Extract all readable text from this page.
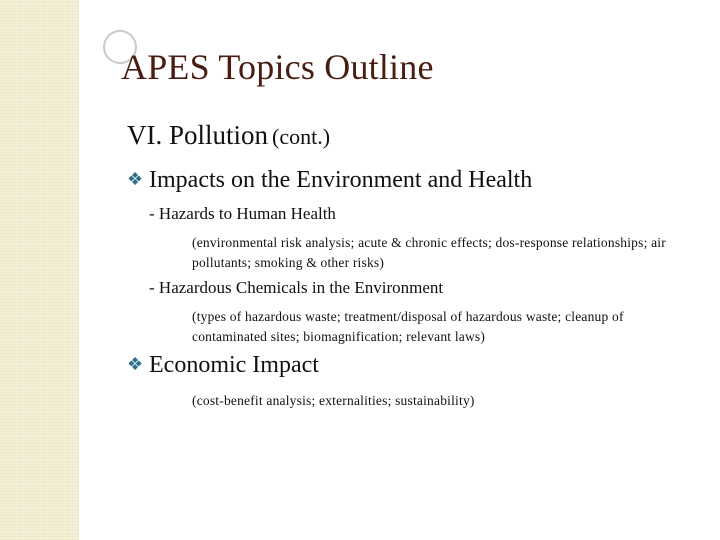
APES Topics Outline
VI. Pollution (cont.)
❖ Impacts on the Environment and Health
- Hazards to Human Health
(environmental risk analysis; acute & chronic effects; dos-response relationships; air pollutants; smoking & other risks)
- Hazardous Chemicals in the Environment
(types of hazardous waste; treatment/disposal of hazardous waste; cleanup of contaminated sites; biomagnification; relevant laws)
❖ Economic Impact
(cost-benefit analysis; externalities; sustainability)
